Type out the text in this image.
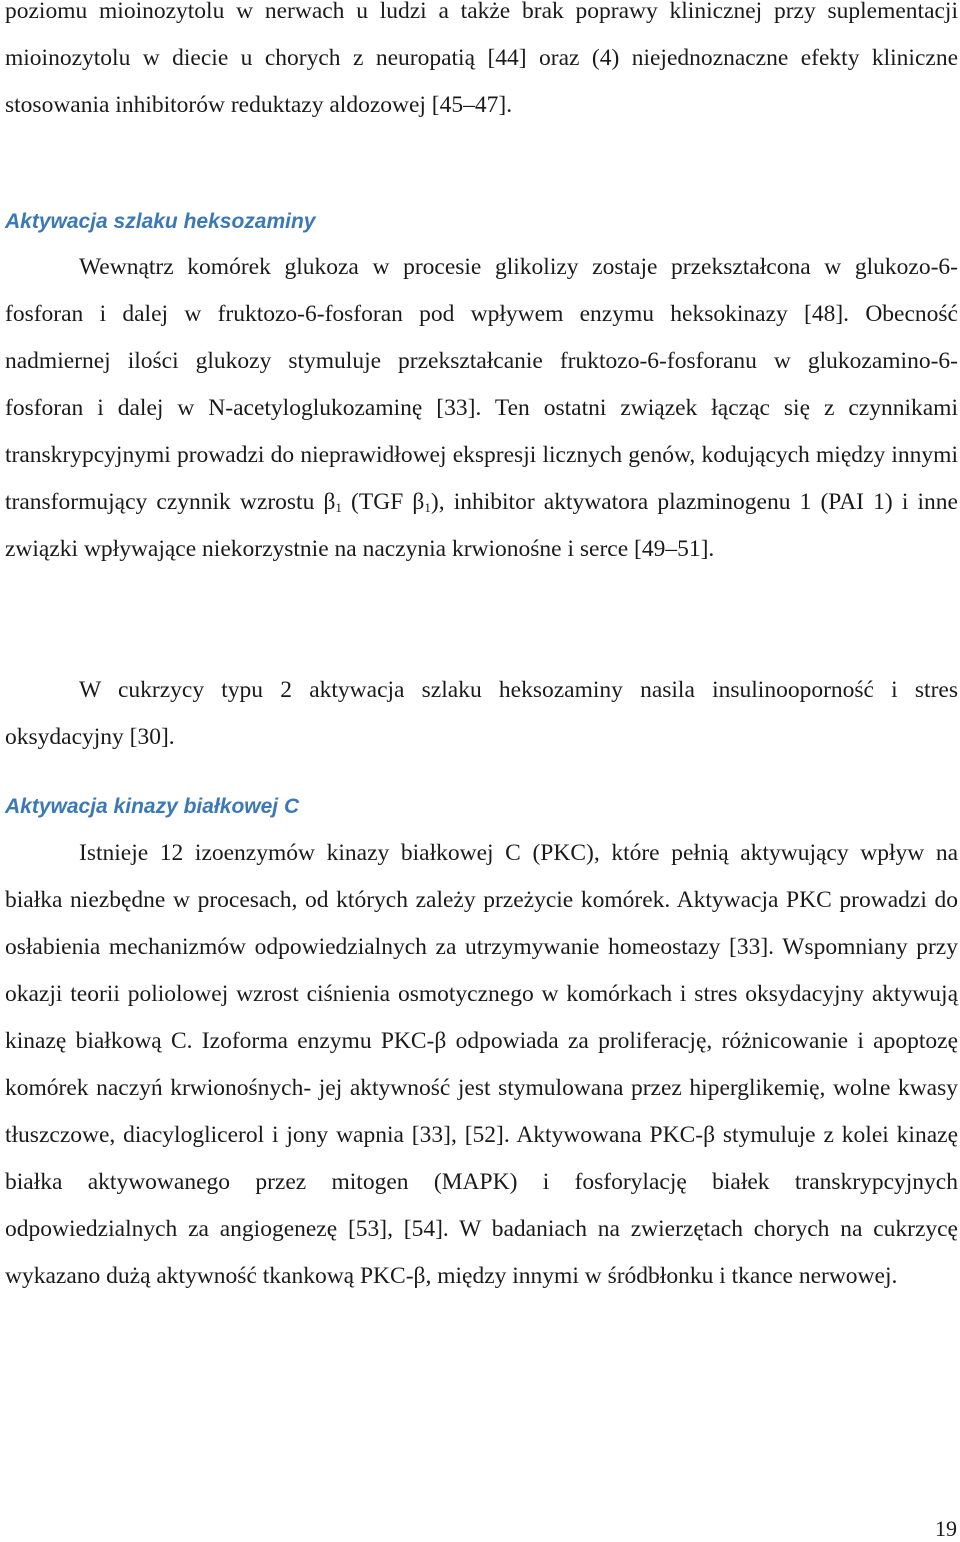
poziomu mioinozytolu w nerwach u ludzi a także brak poprawy klinicznej przy suplementacji mioinozytolu w diecie u chorych z neuropatią [44] oraz (4) niejednoznaczne efekty kliniczne stosowania inhibitorów reduktazy aldozowej [45–47].

Aktywacja szlaku heksozaminy

Wewnątrz komórek glukoza w procesie glikolizy zostaje przekształcona w glukozo-6-fosforan i dalej w fruktozo-6-fosforan pod wpływem enzymu heksokinazy [48]. Obecność nadmiernej ilości glukozy stymuluje przekształcanie fruktozo-6-fosforanu w glukozamino-6-fosforan i dalej w N-acetyloglukozaminę [33]. Ten ostatni związek łącząc się z czynnikami transkrypcyjnymi prowadzi do nieprawidłowej ekspresji licznych genów, kodujących między innymi transformujący czynnik wzrostu $\beta_1$ (TGF $\beta_1$), inhibitor aktywatora plazminogenu 1 (PAI 1) i inne związki wpływające niekorzystnie na naczynia krwionośne i serce [49–51].

W cukrzycy typu 2 aktywacja szlaku heksozaminy nasila insulinooporność i stres oksydacyjny [30].

Aktywacja kinazy białkowej C

Istnieje 12 izoenzymów kinazy białkowej C (PKC), które pełnią aktywujący wpływ na białka niezbędne w procesach, od których zależy przeżycie komórek. Aktywacja PKC prowadzi do osłabienia mechanizmów odpowiedzialnych za utrzymywanie homeostazy [33]. Wspomniany przy okazji teorii poliolowej wzrost ciśnienia osmotycznego w komórkach i stres oksydacyjny aktywują kinazę białkową C. Izoforma enzymu PKC-β odpowiada za proliferację, różnicowanie i apoptozę komórek naczyń krwionośnych- jej aktywność jest stymulowana przez hiperglikemię, wolne kwasy tłuszczowe, diacyloglicerol i jony wapnia [33], [52]. Aktywowana PKC-β stymuluje z kolei kinazę białka aktywowanego przez mitogen (MAPK) i fosforylację białek transkrypcyjnych odpowiedzialnych za angiogenezę [53], [54]. W badaniach na zwierzętach chorych na cukrzycę wykazano dużą aktywność tkankową PKC-β, między innymi w śródbłonku i tkance nerwowej.

19
